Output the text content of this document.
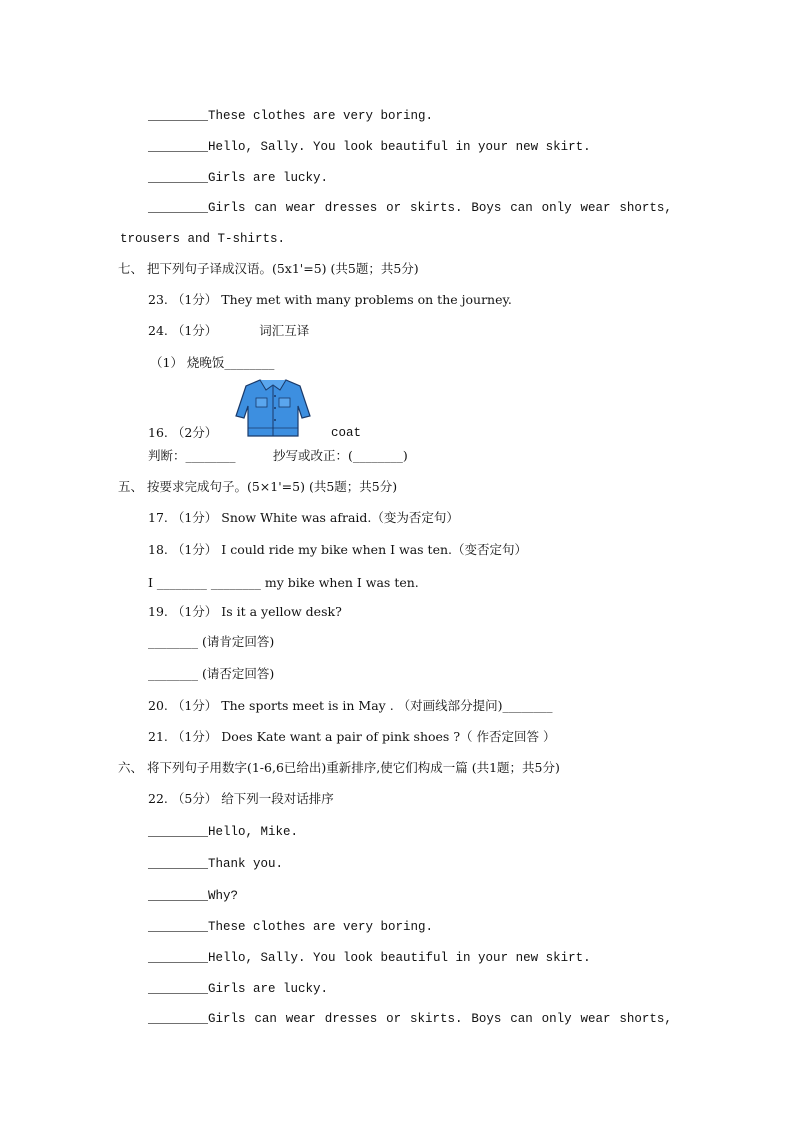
________These clothes are very boring.
________Hello, Sally. You look beautiful in your new skirt.
________Girls are lucky.
________Girls can wear dresses or skirts. Boys can only wear shorts,
trousers and T-shirts.
七、 把下列句子译成汉语。(5x1'=5) (共5题；共5分)
23. （1分） They met with many problems on the journey.
24. （1分）	词汇互译
（1） 烧晚饭________
16. （2分）	coat
判断：________	抄写或改正：(________)
五、 按要求完成句子。(5×1'=5) (共5题；共5分)
17. （1分） Snow White was afraid.（变为否定句）
18. （1分） I could ride my bike when I was ten.（变否定句）
I ________ ________ my bike when I was ten.
19. （1分） Is it a yellow desk?
________ (请肯定回答)
________ (请否定回答)
20. （1分） The sports meet is in May . （对画线部分提问)________
21. （1分） Does Kate want a pair of pink shoes ?（ 作否定回答 ）
六、 将下列句子用数字(1-6,6已给出)重新排序,使它们构成一篇 (共1题；共5分)
22. （5分） 给下列一段对话排序
________Hello, Mike.
________Thank you.
________Why?
________These clothes are very boring.
________Hello, Sally. You look beautiful in your new skirt.
________Girls are lucky.
________Girls can wear dresses or skirts. Boys can only wear shorts,
